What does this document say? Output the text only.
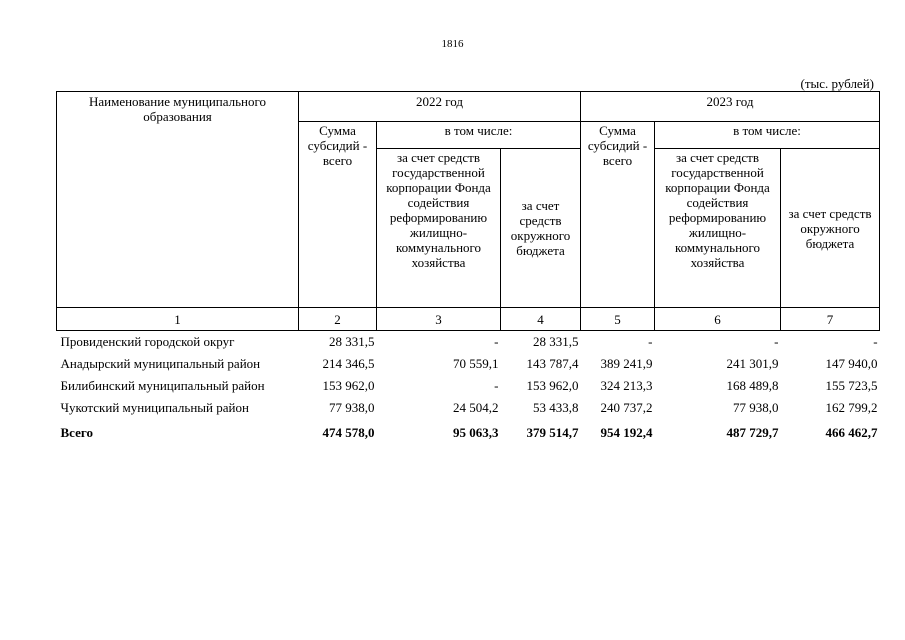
1816
(тыс. рублей)
Наименование муниципального образования	2022 год			2023 год		
	Сумма субсидий - всего	в том числе:		Сумма субсидий - всего	в том числе:	
		за счет средств государственной корпорации Фонда содействия реформированию жилищно-коммунального хозяйства	за счет средств окружного бюджета		за счет средств государственной корпорации Фонда содействия реформированию жилищно-коммунального хозяйства	за счет средств окружного бюджета
1	2	3	4	5	6	7
Провиденский городской округ	28 331,5	-	28 331,5	-	-	-
Анадырский муниципальный район	214 346,5	70 559,1	143 787,4	389 241,9	241 301,9	147 940,0
Билибинский муниципальный район	153 962,0	-	153 962,0	324 213,3	168 489,8	155 723,5
Чукотский муниципальный район	77 938,0	24 504,2	53 433,8	240 737,2	77 938,0	162 799,2
Всего	474 578,0	95 063,3	379 514,7	954 192,4	487 729,7	466 462,7
